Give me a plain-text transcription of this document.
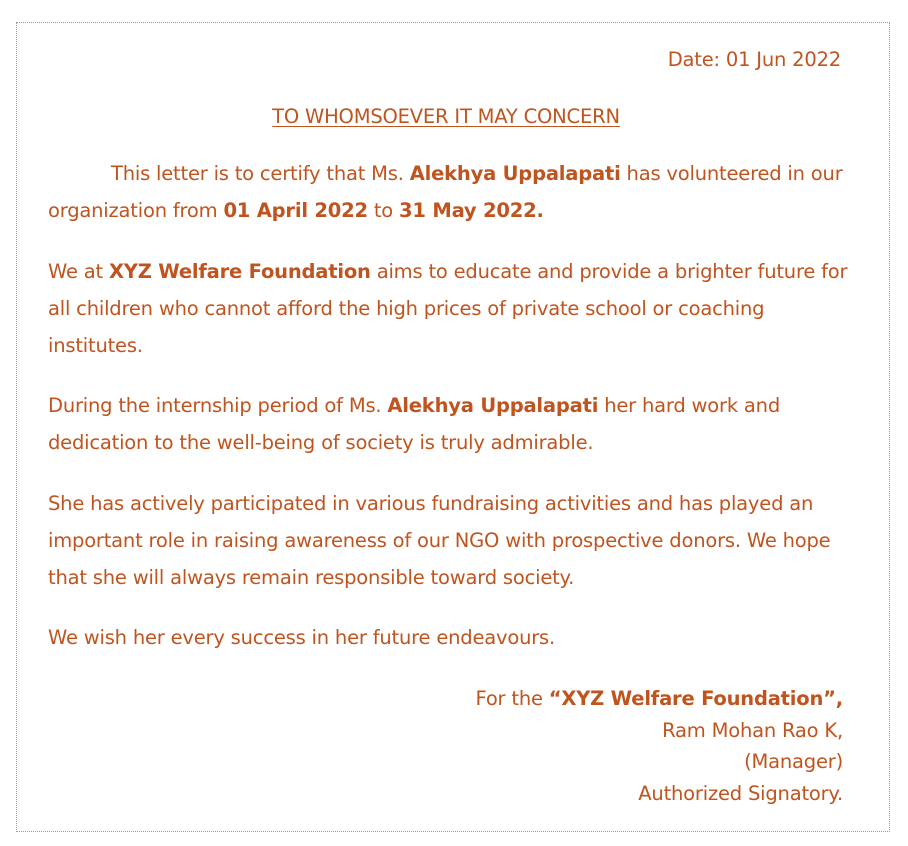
Date: 01 Jun 2022
TO WHOMSOEVER IT MAY CONCERN

This letter is to certify that Ms. Alekhya Uppalapati has volunteered in our organization from 01 April 2022 to 31 May 2022.

We at XYZ Welfare Foundation aims to educate and provide a brighter future for all children who cannot afford the high prices of private school or coaching institutes.

During the internship period of Ms. Alekhya Uppalapati her hard work and dedication to the well-being of society is truly admirable.

She has actively participated in various fundraising activities and has played an important role in raising awareness of our NGO with prospective donors. We hope that she will always remain responsible toward society.

We wish her every success in her future endeavours.

For the “XYZ Welfare Foundation”,
Ram Mohan Rao K,
(Manager)
Authorized Signatory.
